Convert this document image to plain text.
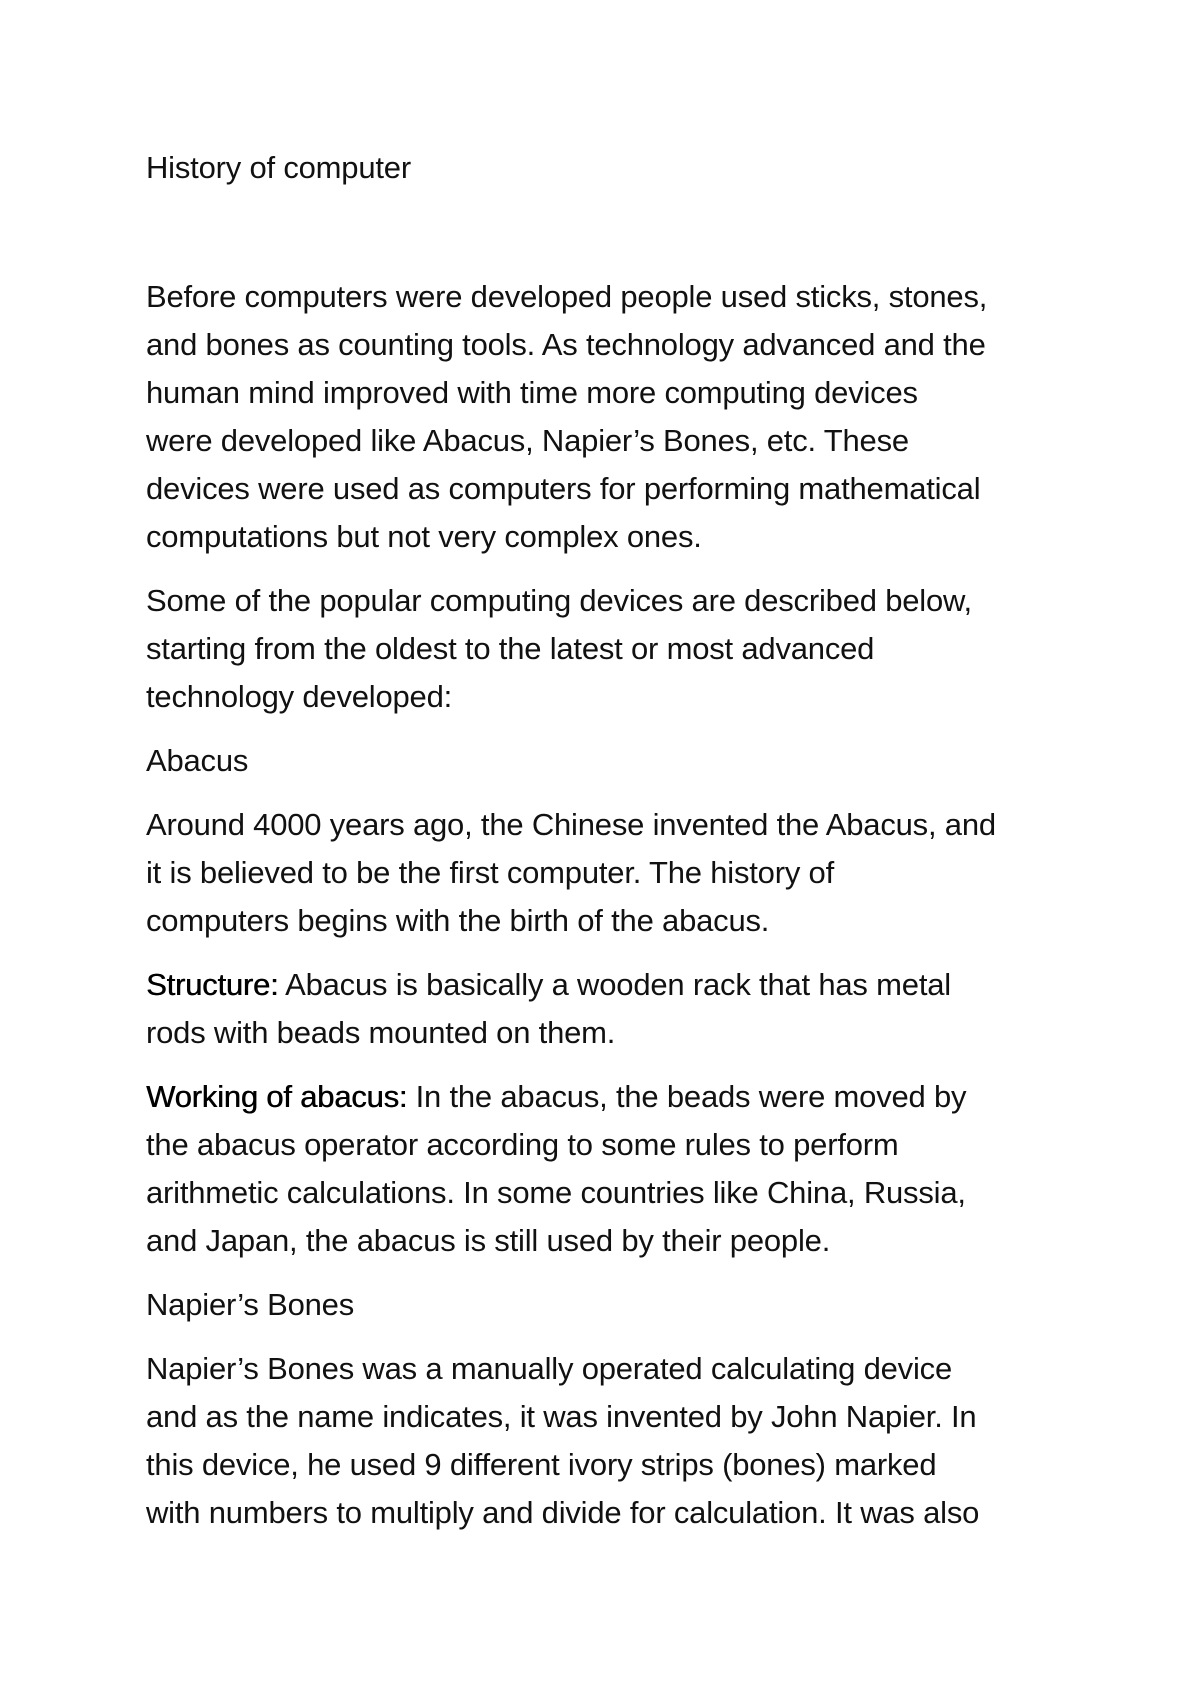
History of computer
Before computers were developed people used sticks, stones,
and bones as counting tools. As technology advanced and the
human mind improved with time more computing devices
were developed like Abacus, Napier’s Bones, etc. These
devices were used as computers for performing mathematical
computations but not very complex ones.
Some of the popular computing devices are described below,
starting from the oldest to the latest or most advanced
technology developed:
Abacus
Around 4000 years ago, the Chinese invented the Abacus, and
it is believed to be the first computer. The history of
computers begins with the birth of the abacus.
Structure: Abacus is basically a wooden rack that has metal
rods with beads mounted on them.
Working of abacus: In the abacus, the beads were moved by
the abacus operator according to some rules to perform
arithmetic calculations. In some countries like China, Russia,
and Japan, the abacus is still used by their people.
Napier’s Bones
Napier’s Bones was a manually operated calculating device
and as the name indicates, it was invented by John Napier. In
this device, he used 9 different ivory strips (bones) marked
with numbers to multiply and divide for calculation. It was also
